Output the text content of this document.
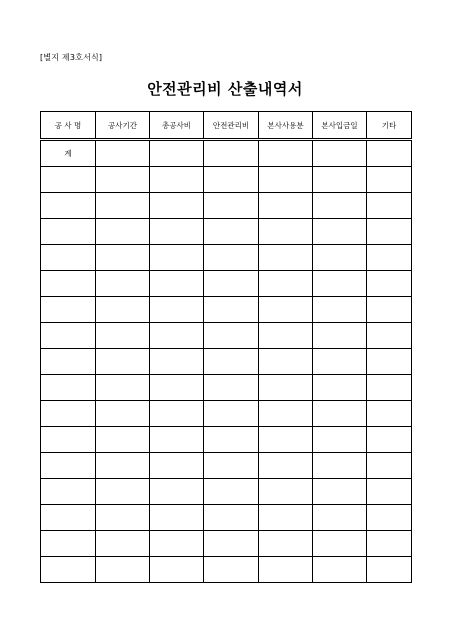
[별지 제3호서식]
안전관리비 산출내역서
공 사 명	공사기간	총공사비	안전관리비	본사사용분	본사입금일	기타
계						
